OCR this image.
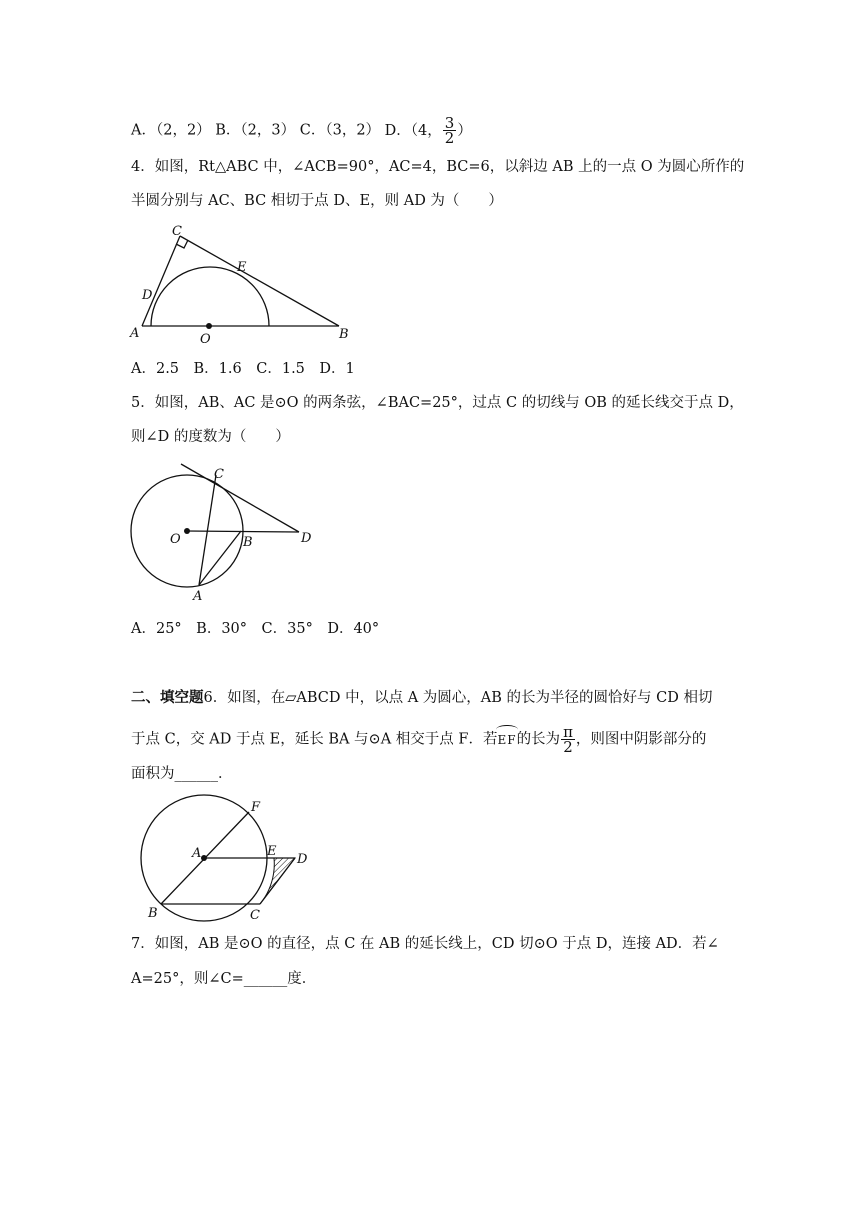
A．（2，2） B．（2，3） C．（3，2） D．（4， $\frac{3}{2}$ ）
4．如图，Rt△ABC 中，∠ACB=90°，AC=4，BC=6，以斜边 AB 上的一点 O 为圆心所作的
半圆分别与 AC、BC 相切于点 D、E，则 AD 为（　　）
C
E
D
A	O	B
A．2.5　B．1.6　C．1.5　D．1
5．如图，AB、AC 是⊙O 的两条弦，∠BAC=25°，过点 C 的切线与 OB 的延长线交于点 D，
则∠D 的度数为（　　）
C
O	B	D
A
A．25°　B．30°　C．35°　D．40°
二、填空题6．如图，在▱ABCD 中，以点 A 为圆心，AB 的长为半径的圆恰好与 CD 相切
于点 C，交 AD 于点 E，延长 BA 与⊙A 相交于点 F．若EF的长为 $\frac{\pi}{2}$ ，则图中阴影部分的
面积为______．
F
A	E
D
B	C
7．如图，AB 是⊙O 的直径，点 C 在 AB 的延长线上，CD 切⊙O 于点 D，连接 AD．若∠
A=25°，则∠C=______度．
